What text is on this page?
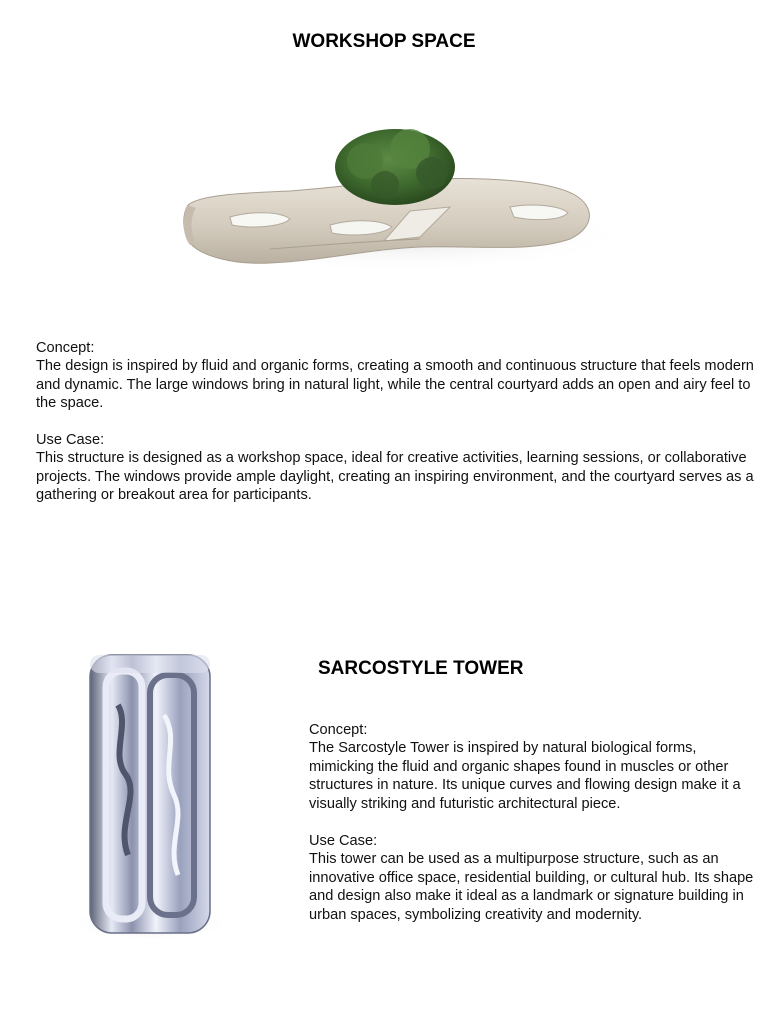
WORKSHOP SPACE

Concept:

The design is inspired by fluid and organic forms, creating a smooth and continuous structure that feels modern and dynamic. The large windows bring in natural light, while the central courtyard adds an open and airy feel to the space.

Use Case:

This structure is designed as a workshop space, ideal for creative activities, learning sessions, or collaborative projects. The windows provide ample daylight, creating an inspiring environment, and the courtyard serves as a gathering or breakout area for participants.

SARCOSTYLE TOWER

Concept:

The Sarcostyle Tower is inspired by natural biological forms, mimicking the fluid and organic shapes found in muscles or other structures in nature. Its unique curves and flowing design make it a visually striking and futuristic architectural piece.

Use Case:

This tower can be used as a multipurpose structure, such as an innovative office space, residential building, or cultural hub. Its shape and design also make it ideal as a landmark or signature building in urban spaces, symbolizing creativity and modernity.
